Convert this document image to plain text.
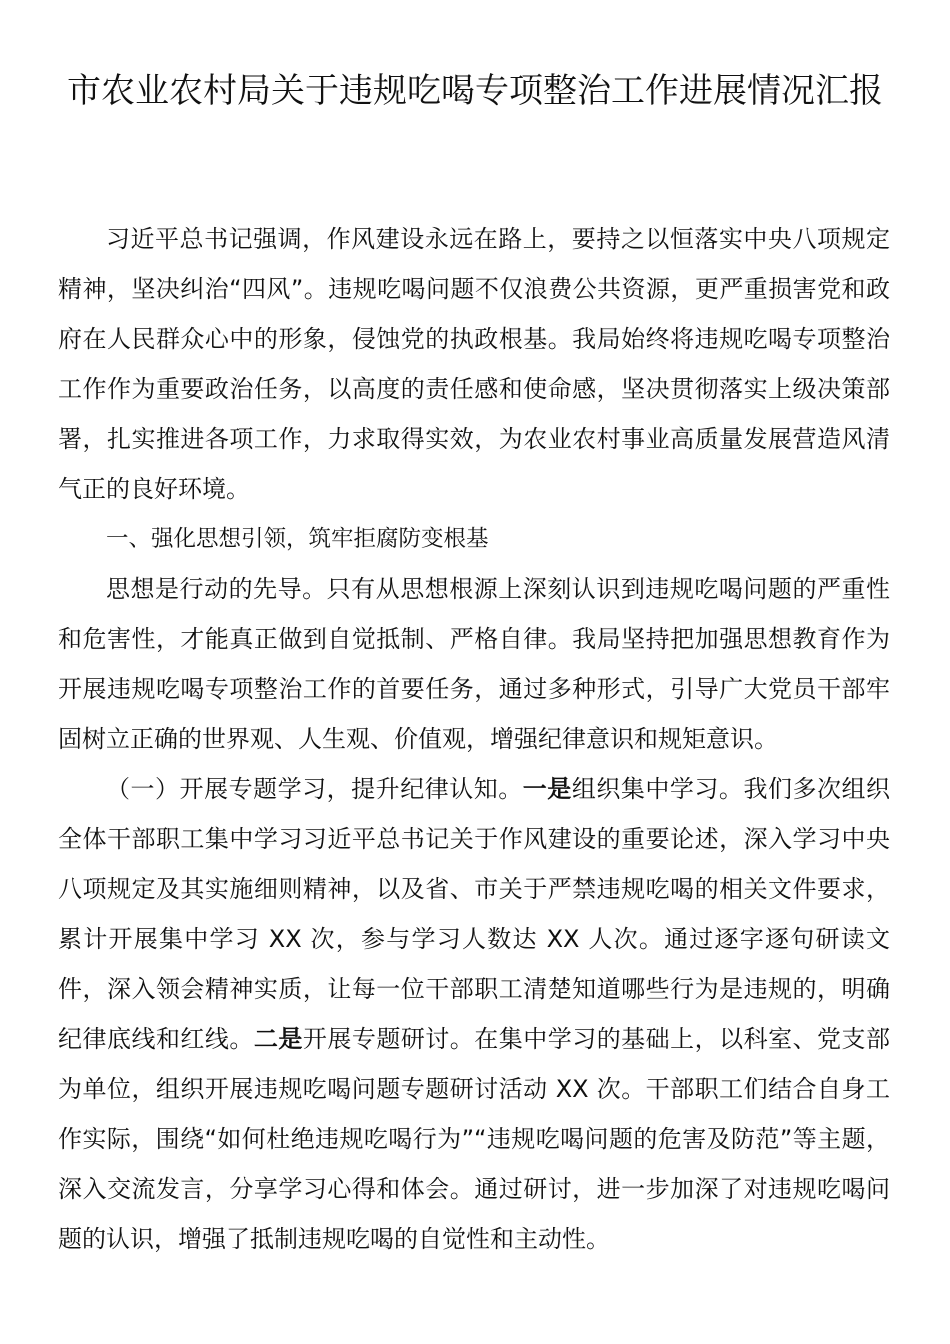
市农业农村局关于违规吃喝专项整治工作进展情况汇报

习近平总书记强调，作风建设永远在路上，要持之以恒落实中央八项规定精神，坚决纠治“四风”。违规吃喝问题不仅浪费公共资源，更严重损害党和政府在人民群众心中的形象，侵蚀党的执政根基。我局始终将违规吃喝专项整治工作作为重要政治任务，以高度的责任感和使命感，坚决贯彻落实上级决策部署，扎实推进各项工作，力求取得实效，为农业农村事业高质量发展营造风清气正的良好环境。

一、强化思想引领，筑牢拒腐防变根基

思想是行动的先导。只有从思想根源上深刻认识到违规吃喝问题的严重性和危害性，才能真正做到自觉抵制、严格自律。我局坚持把加强思想教育作为开展违规吃喝专项整治工作的首要任务，通过多种形式，引导广大党员干部牢固树立正确的世界观、人生观、价值观，增强纪律意识和规矩意识。

（一）开展专题学习，提升纪律认知。一是组织集中学习。我们多次组织全体干部职工集中学习习近平总书记关于作风建设的重要论述，深入学习中央八项规定及其实施细则精神，以及省、市关于严禁违规吃喝的相关文件要求，累计开展集中学习 XX 次，参与学习人数达 XX 人次。通过逐字逐句研读文件，深入领会精神实质，让每一位干部职工清楚知道哪些行为是违规的，明确纪律底线和红线。二是开展专题研讨。在集中学习的基础上，以科室、党支部为单位，组织开展违规吃喝问题专题研讨活动 XX 次。干部职工们结合自身工作实际，围绕“如何杜绝违规吃喝行为”“违规吃喝问题的危害及防范”等主题，深入交流发言，分享学习心得和体会。通过研讨，进一步加深了对违规吃喝问题的认识，增强了抵制违规吃喝的自觉性和主动性。
